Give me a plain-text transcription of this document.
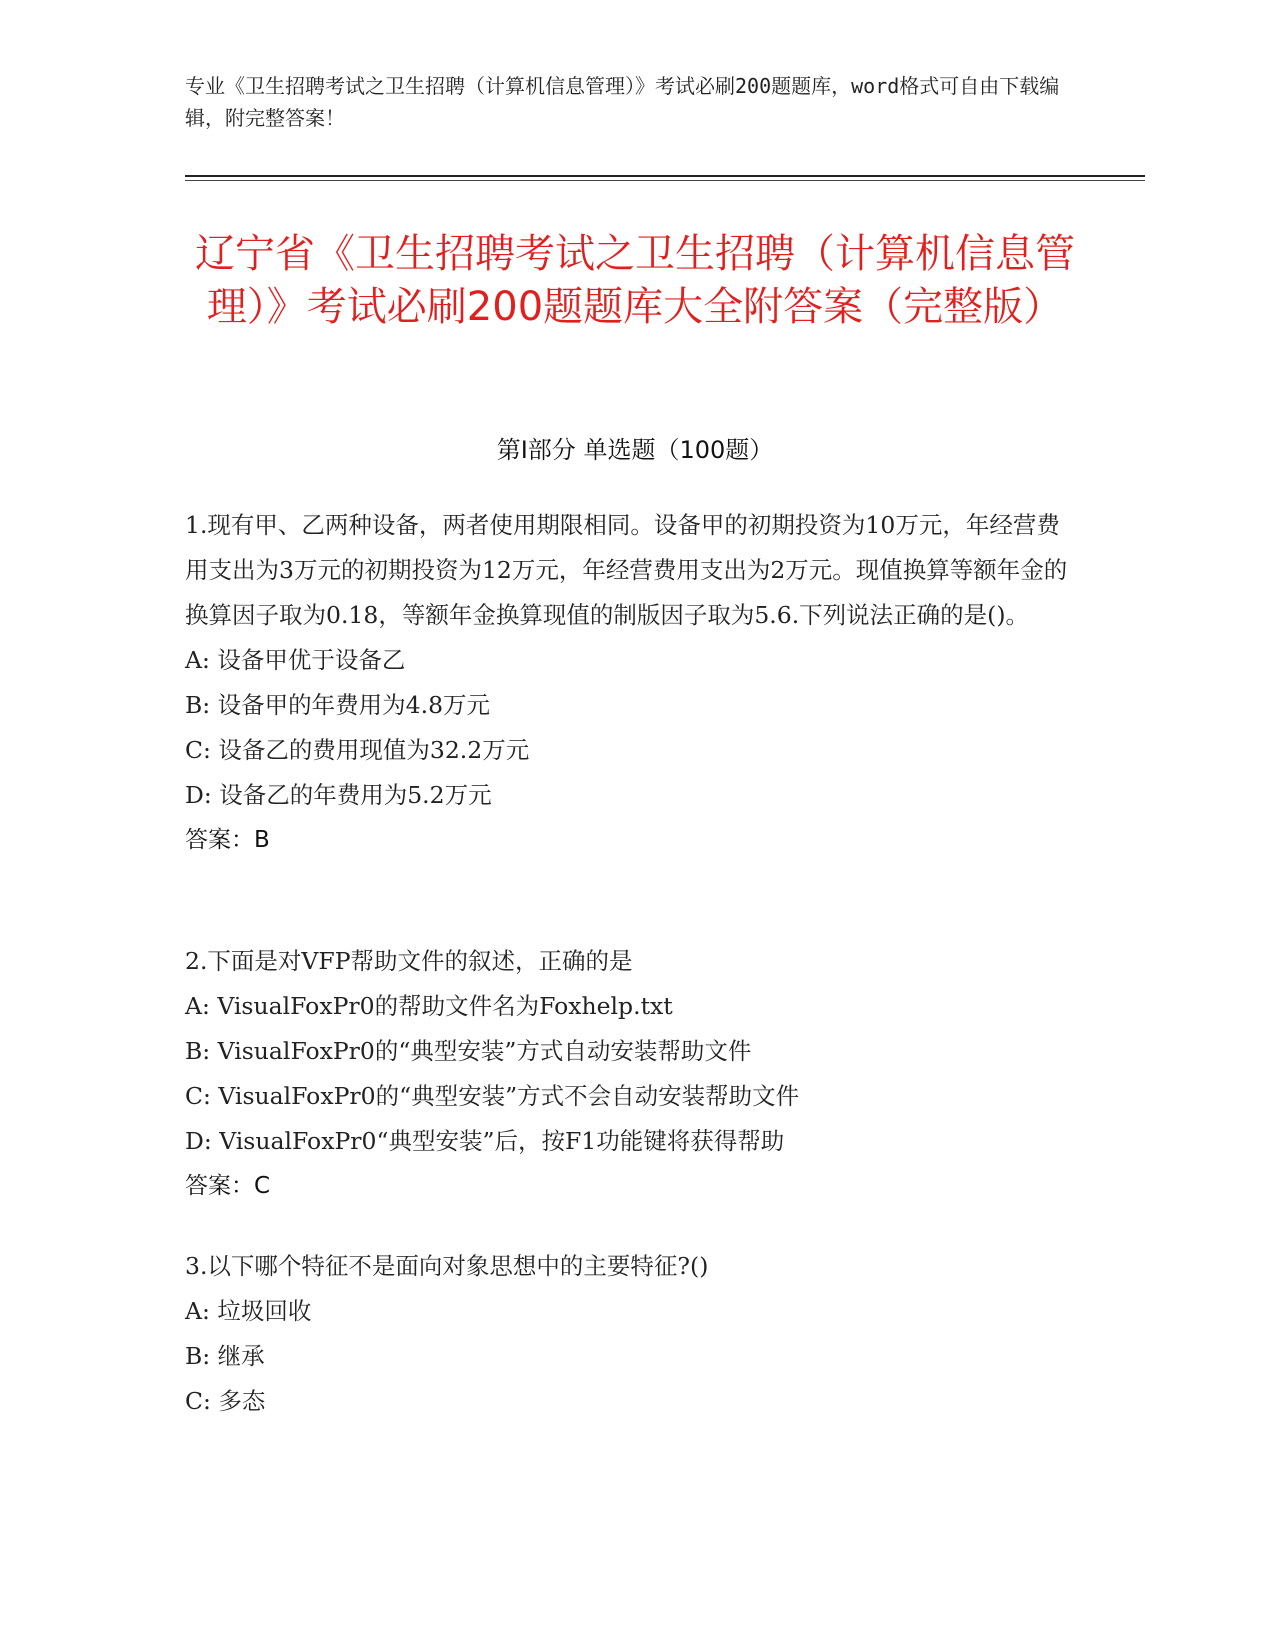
专业《卫生招聘考试之卫生招聘（计算机信息管理）》考试必刷200题题库，word格式可自由下载编辑，附完整答案！
辽宁省《卫生招聘考试之卫生招聘（计算机信息管理）》考试必刷200题题库大全附答案（完整版）
第Ⅰ部分 单选题（100题）

1.现有甲、乙两种设备，两者使用期限相同。设备甲的初期投资为10万元，年经营费用支出为3万元的初期投资为12万元，年经营费用支出为2万元。现值换算等额年金的换算因子取为0.18，等额年金换算现值的制版因子取为5.6.下列说法正确的是()。

A: 设备甲优于设备乙

B: 设备甲的年费用为4.8万元

C: 设备乙的费用现值为32.2万元

D: 设备乙的年费用为5.2万元

答案：B

2.下面是对VFP帮助文件的叙述，正确的是

A: VisualFoxPr0的帮助文件名为Foxhelp.txt

B: VisualFoxPr0的“典型安装”方式自动安装帮助文件

C: VisualFoxPr0的“典型安装”方式不会自动安装帮助文件

D: VisualFoxPr0“典型安装”后，按F1功能键将获得帮助

答案：C

3.以下哪个特征不是面向对象思想中的主要特征?()

A: 垃圾回收

B: 继承

C: 多态
